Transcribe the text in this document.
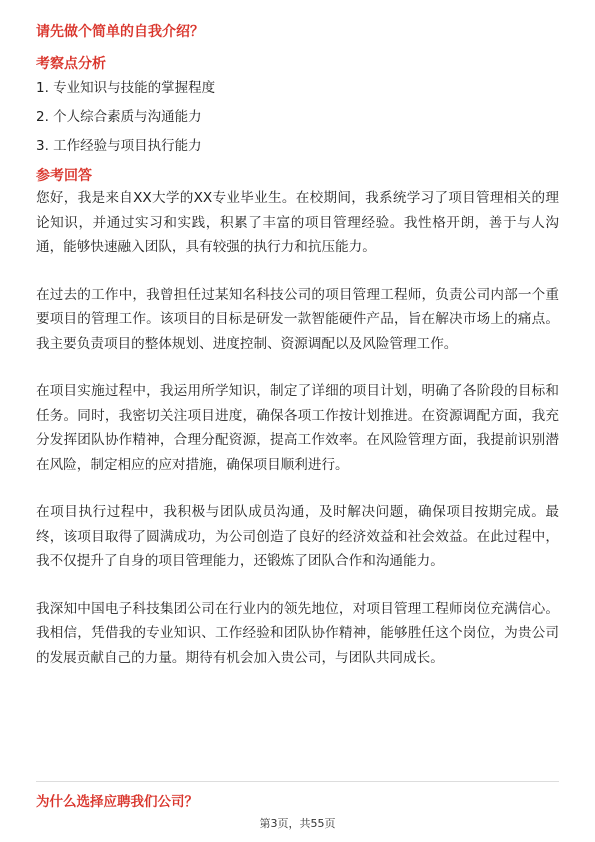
请先做个简单的自我介绍？
考察点分析
1. 专业知识与技能的掌握程度
2. 个人综合素质与沟通能力
3. 工作经验与项目执行能力
参考回答

您好，我是来自XX大学的XX专业毕业生。在校期间，我系统学习了项目管理相关的理论知识，并通过实习和实践，积累了丰富的项目管理经验。我性格开朗，善于与人沟通，能够快速融入团队，具有较强的执行力和抗压能力。

在过去的工作中，我曾担任过某知名科技公司的项目管理工程师，负责公司内部一个重要项目的管理工作。该项目的目标是研发一款智能硬件产品，旨在解决市场上的痛点。我主要负责项目的整体规划、进度控制、资源调配以及风险管理工作。

在项目实施过程中，我运用所学知识，制定了详细的项目计划，明确了各阶段的目标和任务。同时，我密切关注项目进度，确保各项工作按计划推进。在资源调配方面，我充分发挥团队协作精神，合理分配资源，提高工作效率。在风险管理方面，我提前识别潜在风险，制定相应的应对措施，确保项目顺利进行。

在项目执行过程中，我积极与团队成员沟通，及时解决问题，确保项目按期完成。最终，该项目取得了圆满成功，为公司创造了良好的经济效益和社会效益。在此过程中，我不仅提升了自身的项目管理能力，还锻炼了团队合作和沟通能力。

我深知中国电子科技集团公司在行业内的领先地位，对项目管理工程师岗位充满信心。我相信，凭借我的专业知识、工作经验和团队协作精神，能够胜任这个岗位，为贵公司的发展贡献自己的力量。期待有机会加入贵公司，与团队共同成长。

为什么选择应聘我们公司？
第3页，共55页
